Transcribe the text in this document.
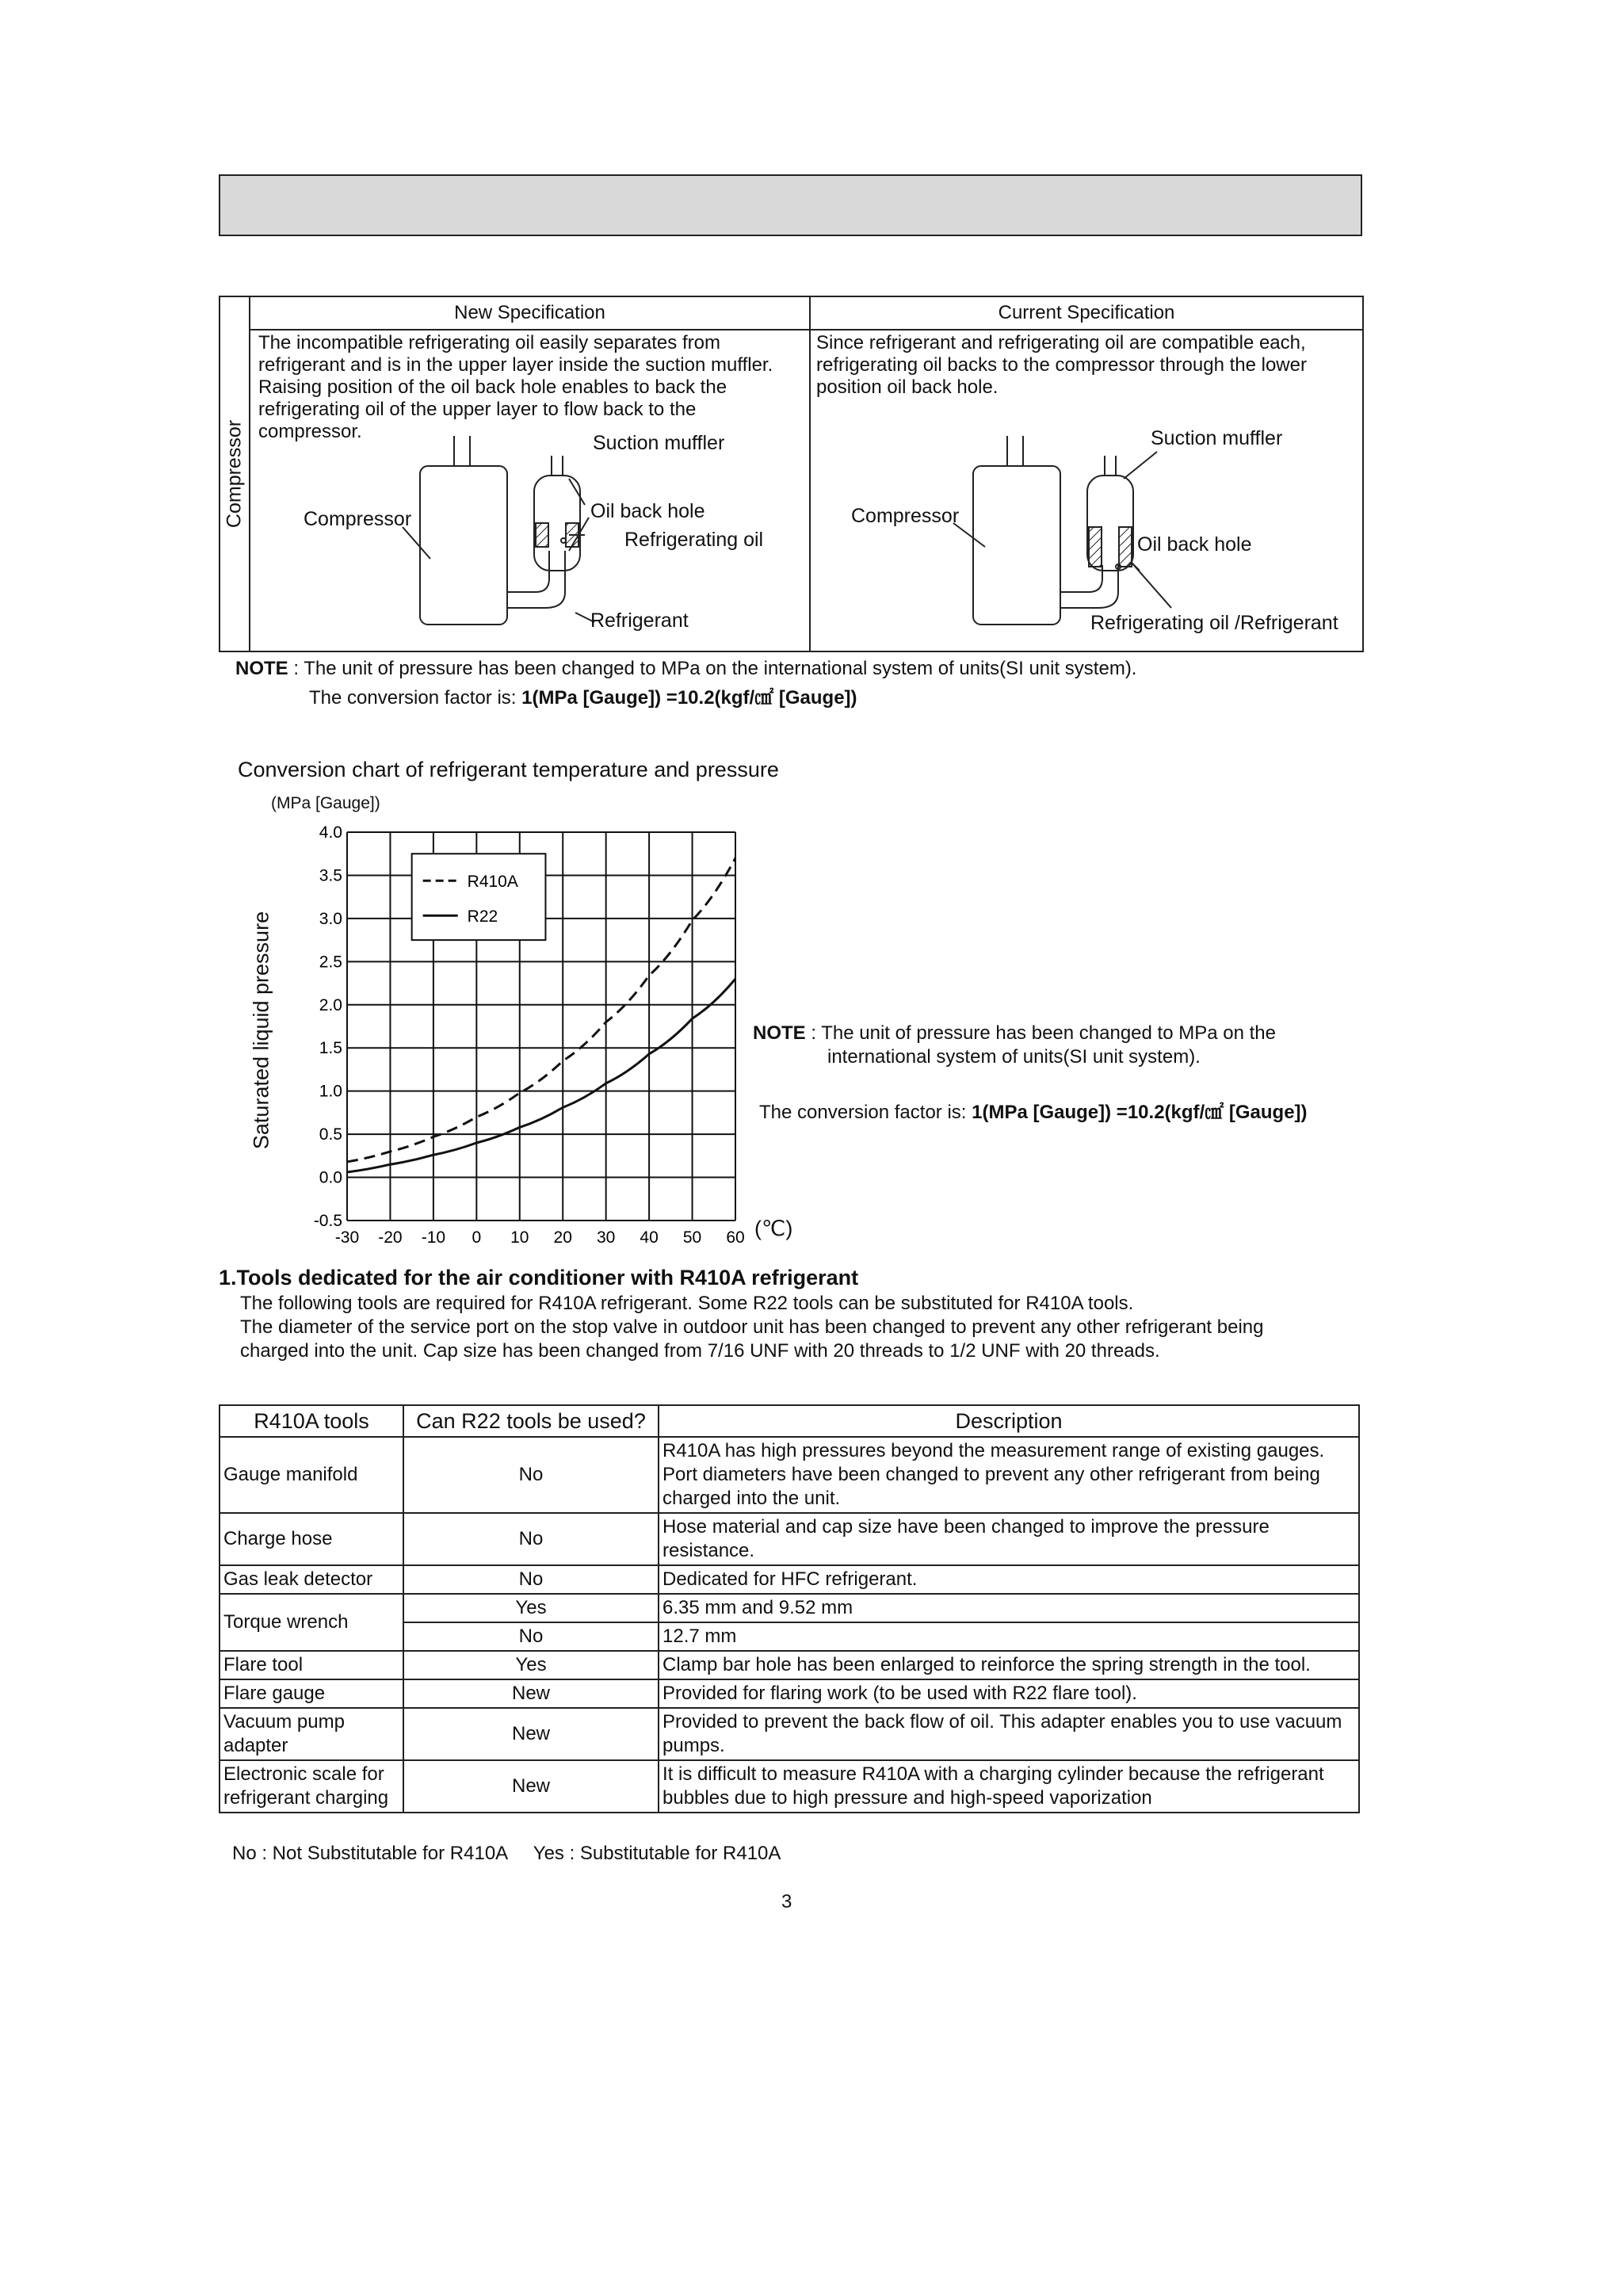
Compressor
New Specification	Current Specification
The incompatible refrigerating oil easily separates from
refrigerant and is in the upper layer inside the suction muffler.
Raising position of the oil back hole enables to back the
refrigerating oil of the upper layer to flow back to the
compressor.
Since refrigerant and refrigerating oil are compatible each,
refrigerating oil backs to the compressor through the lower
position oil back hole.
Suction muffler
Compressor	Oil back hole
Refrigerating oil
Refrigerant
Suction muffler
Compressor
Oil back hole
Refrigerating oil /Refrigerant
NOTE : The unit of pressure has been changed to MPa on the international system of units(SI unit system).
The conversion factor is: 1(MPa [Gauge]) =10.2(kgf/㎠ [Gauge])
Conversion chart of refrigerant temperature and pressure
(MPa [Gauge])
Saturated liquid pressure
4.0
3.5
3.0
2.5
2.0
1.5
1.0
0.5
0.0
-0.5
-30 -20 -10 0 10 20 30 40 50 60
R410A
R22
(℃)
NOTE : The unit of pressure has been changed to MPa on the
international system of units(SI unit system).
The conversion factor is: 1(MPa [Gauge]) =10.2(kgf/㎠ [Gauge])
1.Tools dedicated for the air conditioner with R410A refrigerant
The following tools are required for R410A refrigerant. Some R22 tools can be substituted for R410A tools.
The diameter of the service port on the stop valve in outdoor unit has been changed to prevent any other refrigerant being
charged into the unit. Cap size has been changed from 7/16 UNF with 20 threads to 1/2 UNF with 20 threads.
R410A tools	Can R22 tools be used?	Description
Gauge manifold	No	R410A has high pressures beyond the measurement range of existing gauges. Port diameters have been changed to prevent any other refrigerant from being charged into the unit.
Charge hose	No	Hose material and cap size have been changed to improve the pressure resistance.
Gas leak detector	No	Dedicated for HFC refrigerant.
Torque wrench	Yes	6.35 mm and 9.52 mm
	No	12.7 mm
Flare tool	Yes	Clamp bar hole has been enlarged to reinforce the spring strength in the tool.
Flare gauge	New	Provided for flaring work (to be used with R22 flare tool).
Vacuum pump adapter	New	Provided to prevent the back flow of oil. This adapter enables you to use vacuum pumps.
Electronic scale for refrigerant charging	New	It is difficult to measure R410A with a charging cylinder because the refrigerant bubbles due to high pressure and high-speed vaporization
No : Not Substitutable for R410A     Yes : Substitutable for R410A
3
